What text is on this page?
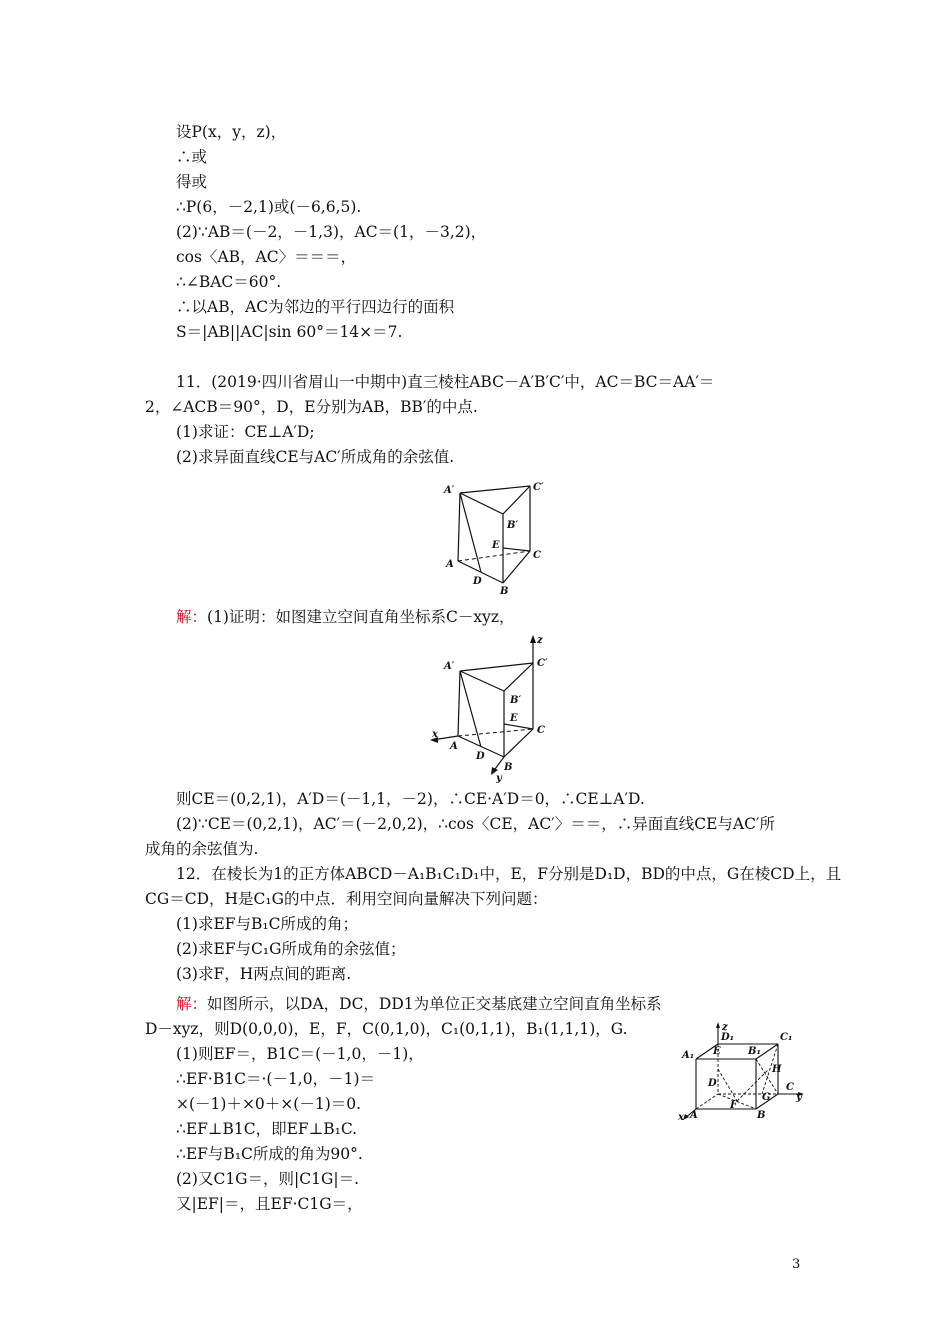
设P(x，y，z)，
∴或
得或
∴P(6，－2,1)或(－6,6,5).
(2)∵AB＝(－2，－1,3)，AC＝(1，－3,2)，
cos〈AB，AC〉＝＝＝，
∴∠BAC＝60°.
∴以AB，AC为邻边的平行四边行的面积
S＝|AB||AC|sin 60°＝14×＝7.
11．(2019·四川省眉山一中期中)直三棱柱ABC－A′B′C′中，AC＝BC＝AA′＝
2，∠ACB＝90°，D，E分别为AB，BB′的中点.
(1)求证：CE⊥A′D;
(2)求异面直线CE与AC′所成角的余弦值.
A′	C′
B′
E
C
A
D
B
解：(1)证明：如图建立空间直角坐标系C－xyz，
z
A′	C′
B′
E
C
x
A
D
B
y
则CE＝(0,2,1)，A′D＝(－1,1，－2)，∴CE·A′D＝0，∴CE⊥A′D.
(2)∵CE＝(0,2,1)，AC′＝(－2,0,2)，∴cos〈CE，AC′〉＝＝，∴异面直线CE与AC′所
成角的余弦值为.
12．在棱长为1的正方体ABCD－A₁B₁C₁D₁中，E，F分别是D₁D，BD的中点，G在棱CD上，且
CG＝CD，H是C₁G的中点．利用空间向量解决下列问题：
(1)求EF与B₁C所成的角；
(2)求EF与C₁G所成角的余弦值；
(3)求F，H两点间的距离.
解：如图所示，以DA，DC，DD1为单位正交基底建立空间直角坐标系
D－xyz，则D(0,0,0)，E，F，C(0,1,0)，C₁(0,1,1)，B₁(1,1,1)，G.
(1)则EF＝，B1C＝(－1,0，－1)，
∴EF·B1C＝·(－1,0，－1)＝
×(－1)＋×0＋×(－1)＝0.
∴EF⊥B1C，即EF⊥B₁C.
∴EF与B₁C所成的角为90°.
(2)又C1G＝，则|C1G|＝.
又|EF|＝，且EF·C1G＝，
z
D₁	C₁
A₁ E	B₁
H
D	C
y
G
F
x A	B
3
